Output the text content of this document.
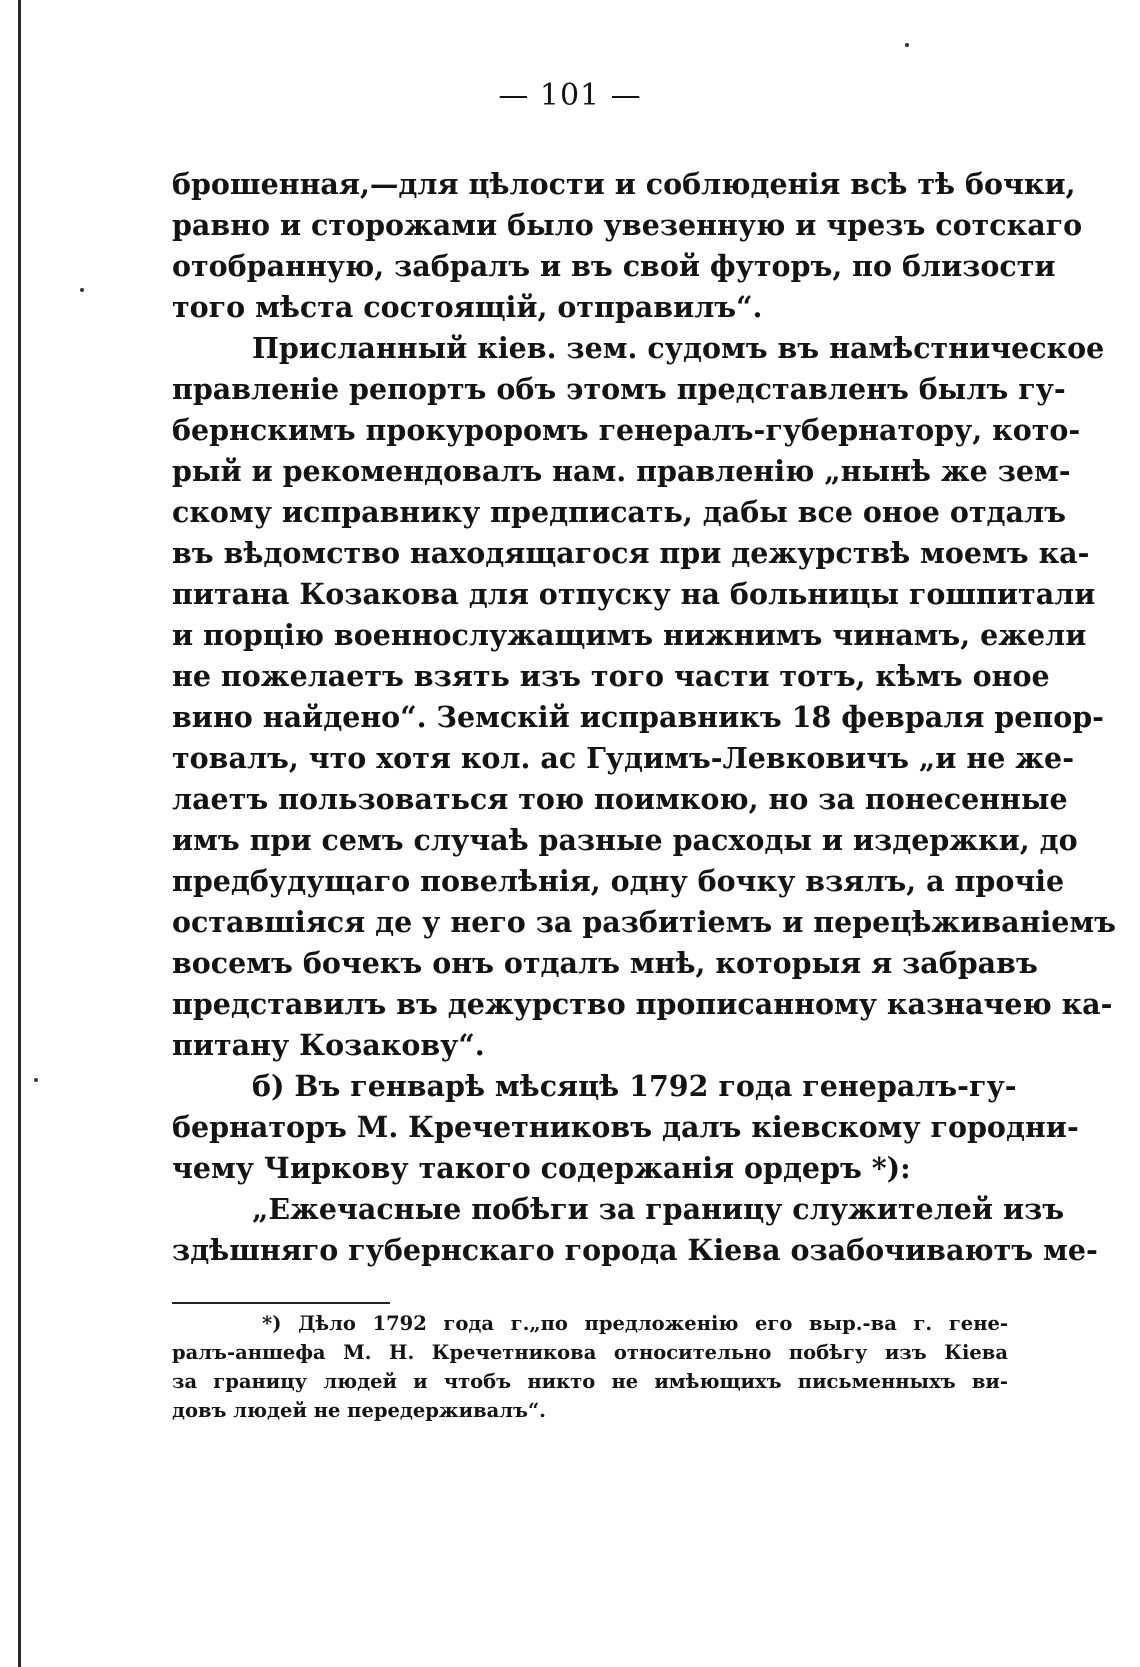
— 101 —
брошенная,—для цѣлости и соблюденія всѣ тѣ бочки,
равно и сторожами было увезенную и чрезъ сотскаго
отобранную, забралъ и въ свой футоръ, по близости
того мѣста состоящій, отправилъ“.
Присланный кіев. зем. судомъ въ намѣстническое
правленіе репортъ объ этомъ представленъ былъ гу-
бернскимъ прокуроромъ генералъ-губернатору, кото-
рый и рекомендовалъ нам. правленію „нынѣ же зем-
скому исправнику предписать, дабы все оное отдалъ
въ вѣдомство находящагося при дежурствѣ моемъ ка-
питана Козакова для отпуску на больницы гошпитали
и порцію военнослужащимъ нижнимъ чинамъ, ежели
не пожелаетъ взять изъ того части тотъ, кѣмъ оное
вино найдено“. Земскій исправникъ 18 февраля репор-
товалъ, что хотя кол. ас Гудимъ-Левковичъ „и не же-
лаетъ пользоваться тою поимкою, но за понесенные
имъ при семъ случаѣ разные расходы и издержки, до
предбудущаго повелѣнія, одну бочку взялъ, а прочіе
оставшіяся де у него за разбитіемъ и перецѣживаніемъ
восемъ бочекъ онъ отдалъ мнѣ, которыя я забравъ
представилъ въ дежурство прописанному казначею ка-
питану Козакову“.
б) Въ генварѣ мѣсяцѣ 1792 года генералъ-гу-
бернаторъ М. Кречетниковъ далъ кіевскому городни-
чему Чиркову такого содержанія ордеръ *):
„Ежечасные побѣги за границу служителей изъ
здѣшняго губернскаго города Кіева озабочиваютъ ме-
*) Дѣло 1792 года г.„по предложенію его выр.-ва г. гене-
ралъ-аншефа М. Н. Кречетникова относительно побѣгу изъ Кіева
за границу людей и чтобъ никто не имѣющихъ письменныхъ ви-
довъ людей не передерживалъ“.
